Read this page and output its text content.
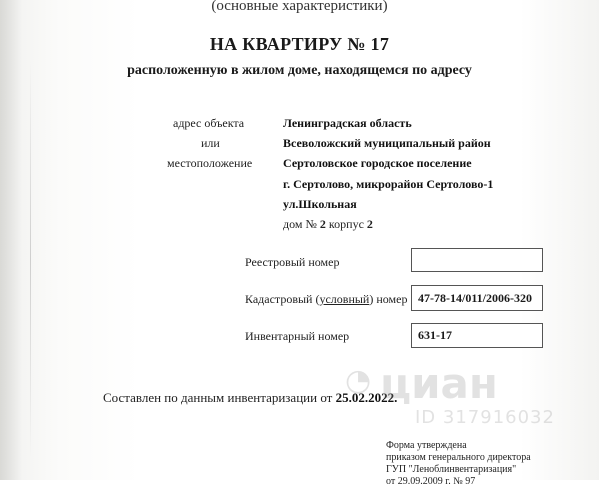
(основные характеристики)
НА КВАРТИРУ № 17
расположенную в жилом доме, находящемся по адресу
адрес объекта
или
местоположение
Ленинградская область
Всеволожский муниципальный район
Сертоловское городское поселение
г. Сертолово, микрорайон Сертолово-1
ул.Школьная
дом № 2 корпус 2
Реестровый номер
Кадастровый (условный) номер 47-78-14/011/2006-320
Инвентарный номер	631-17
Составлен по данным инвентаризации от 25.02.2022.
◔ циан
ID 317916032
Форма утверждена
приказом генерального директора
ГУП "Леноблинвентаризация"
от 29.09.2009 г. № 97
